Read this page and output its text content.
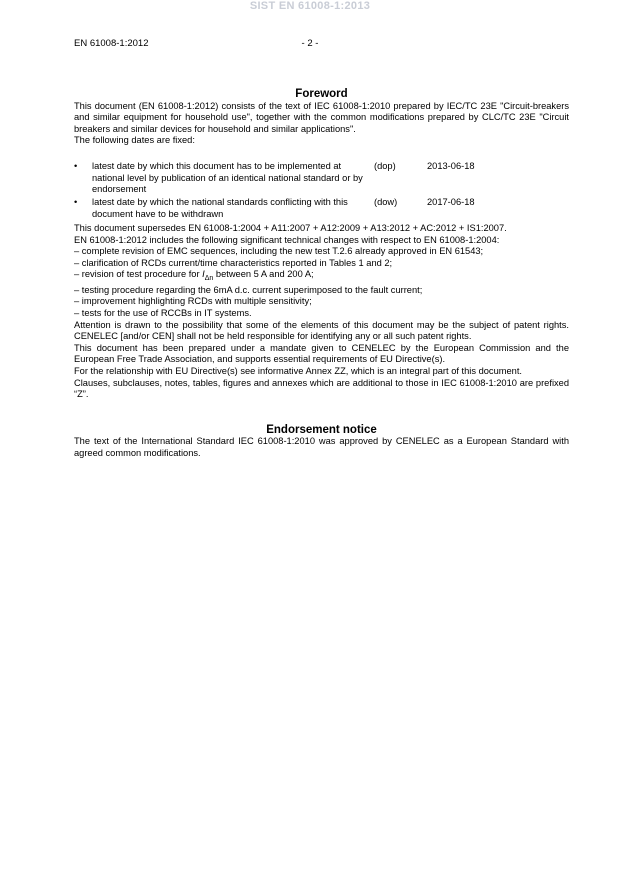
SIST EN 61008-1:2013
EN 61008-1:2012	- 2 -
Foreword

This document (EN 61008-1:2012) consists of the text of IEC 61008-1:2010 prepared by IEC/TC 23E "Circuit-breakers and similar equipment for household use", together with the common modifications prepared by CLC/TC 23E "Circuit breakers and similar devices for household and similar applications".

The following dates are fixed:

• latest date by which this document has to be implemented at national level by publication of an identical national standard or by endorsement
(dop)	2013-06-18
• latest date by which the national standards conflicting with this document have to be withdrawn
(dow)	2017-06-18

This document supersedes EN 61008-1:2004 + A11:2007 + A12:2009 + A13:2012 + AC:2012 + IS1:2007.

EN 61008-1:2012 includes the following significant technical changes with respect to EN 61008-1:2004:

– complete revision of EMC sequences, including the new test T.2.6 already approved in EN 61543;

– clarification of RCDs current/time characteristics reported in Tables 1 and 2;

– revision of test procedure for $I_{\Delta n}$ between 5 A and 200 A;

– testing procedure regarding the 6mA d.c. current superimposed to the fault current;

– improvement highlighting RCDs with multiple sensitivity;

– tests for the use of RCCBs in IT systems.

Attention is drawn to the possibility that some of the elements of this document may be the subject of patent rights. CENELEC [and/or CEN] shall not be held responsible for identifying any or all such patent rights.

This document has been prepared under a mandate given to CENELEC by the European Commission and the European Free Trade Association, and supports essential requirements of EU Directive(s).

For the relationship with EU Directive(s) see informative Annex ZZ, which is an integral part of this document.

Clauses, subclauses, notes, tables, figures and annexes which are additional to those in IEC 61008-1:2010 are prefixed “Z”.

Endorsement notice

The text of the International Standard IEC 61008-1:2010 was approved by CENELEC as a European Standard with agreed common modifications.
